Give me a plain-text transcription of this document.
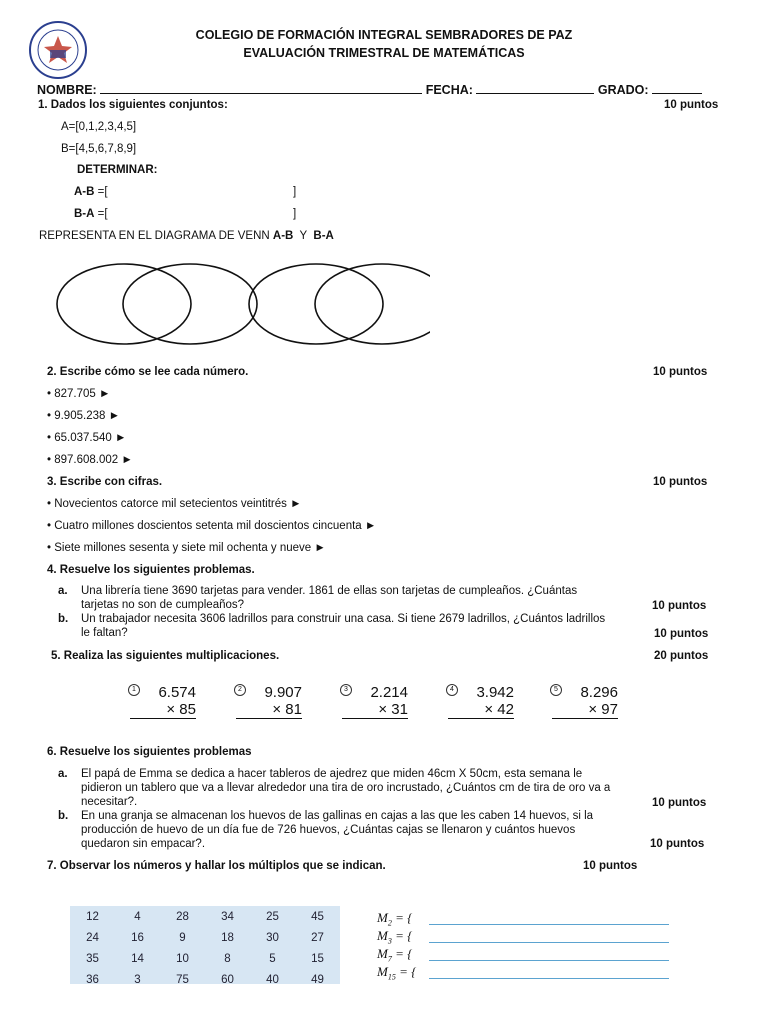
COLEGIO DE FORMACIÓN INTEGRAL SEMBRADORES DE PAZ
EVALUACIÓN TRIMESTRAL DE MATEMÁTICAS
NOMBRE:	FECHA:	GRADO:
1. Dados los siguientes conjuntos:	10 puntos
A=[0,1,2,3,4,5]
B=[4,5,6,7,8,9]
DETERMINAR:
A-B =[	]
B-A =[	]
REPRESENTA EN EL DIAGRAMA DE VENN A-B  Y  B-A
2. Escribe cómo se lee cada número.	10 puntos
• 827.705 ►
• 9.905.238 ►
• 65.037.540 ►
• 897.608.002 ►
3. Escribe con cifras.	10 puntos
• Novecientos catorce mil setecientos veintitrés ►
• Cuatro millones doscientos setenta mil doscientos cincuenta ►
• Siete millones sesenta y siete mil ochenta y nueve ►
4. Resuelve los siguientes problemas.
a. Una librería tiene 3690 tarjetas para vender. 1861 de ellas son tarjetas de cumpleaños. ¿Cuántas
tarjetas no son de cumpleaños?	10 puntos
b. Un trabajador necesita 3606 ladrillos para construir una casa. Si tiene 2679 ladrillos, ¿Cuántos ladrillos
le faltan?	10 puntos
5. Realiza las siguientes multiplicaciones.	20 puntos
1	6.574
× 85
2	9.907
× 81
3	2.214
× 31
4	3.942
× 42
5	8.296
× 97
6. Resuelve los siguientes problemas
a. El papá de Emma se dedica a hacer tableros de ajedrez que miden 46cm X 50cm, esta semana le
pidieron un tablero que va a llevar alrededor una tira de oro incrustado, ¿Cuántos cm de tira de oro va a
necesitar?.	10 puntos
b. En una granja se almacenan los huevos de las gallinas en cajas a las que les caben 14 huevos, si la
producción de huevo de un día fue de 726 huevos, ¿Cuántas cajas se llenaron y cuántos huevos
quedaron sin empacar?.	10 puntos
7. Observar los números y hallar los múltiplos que se indican.	10 puntos
12	4	28	34	25	45
24	16	9	18	30	27
35	14	10	8	5	15
36	3	75	60	40	49
$M_2$ = {
$M_3$ = {
$M_7$ = {
$M_{15}$ = {
